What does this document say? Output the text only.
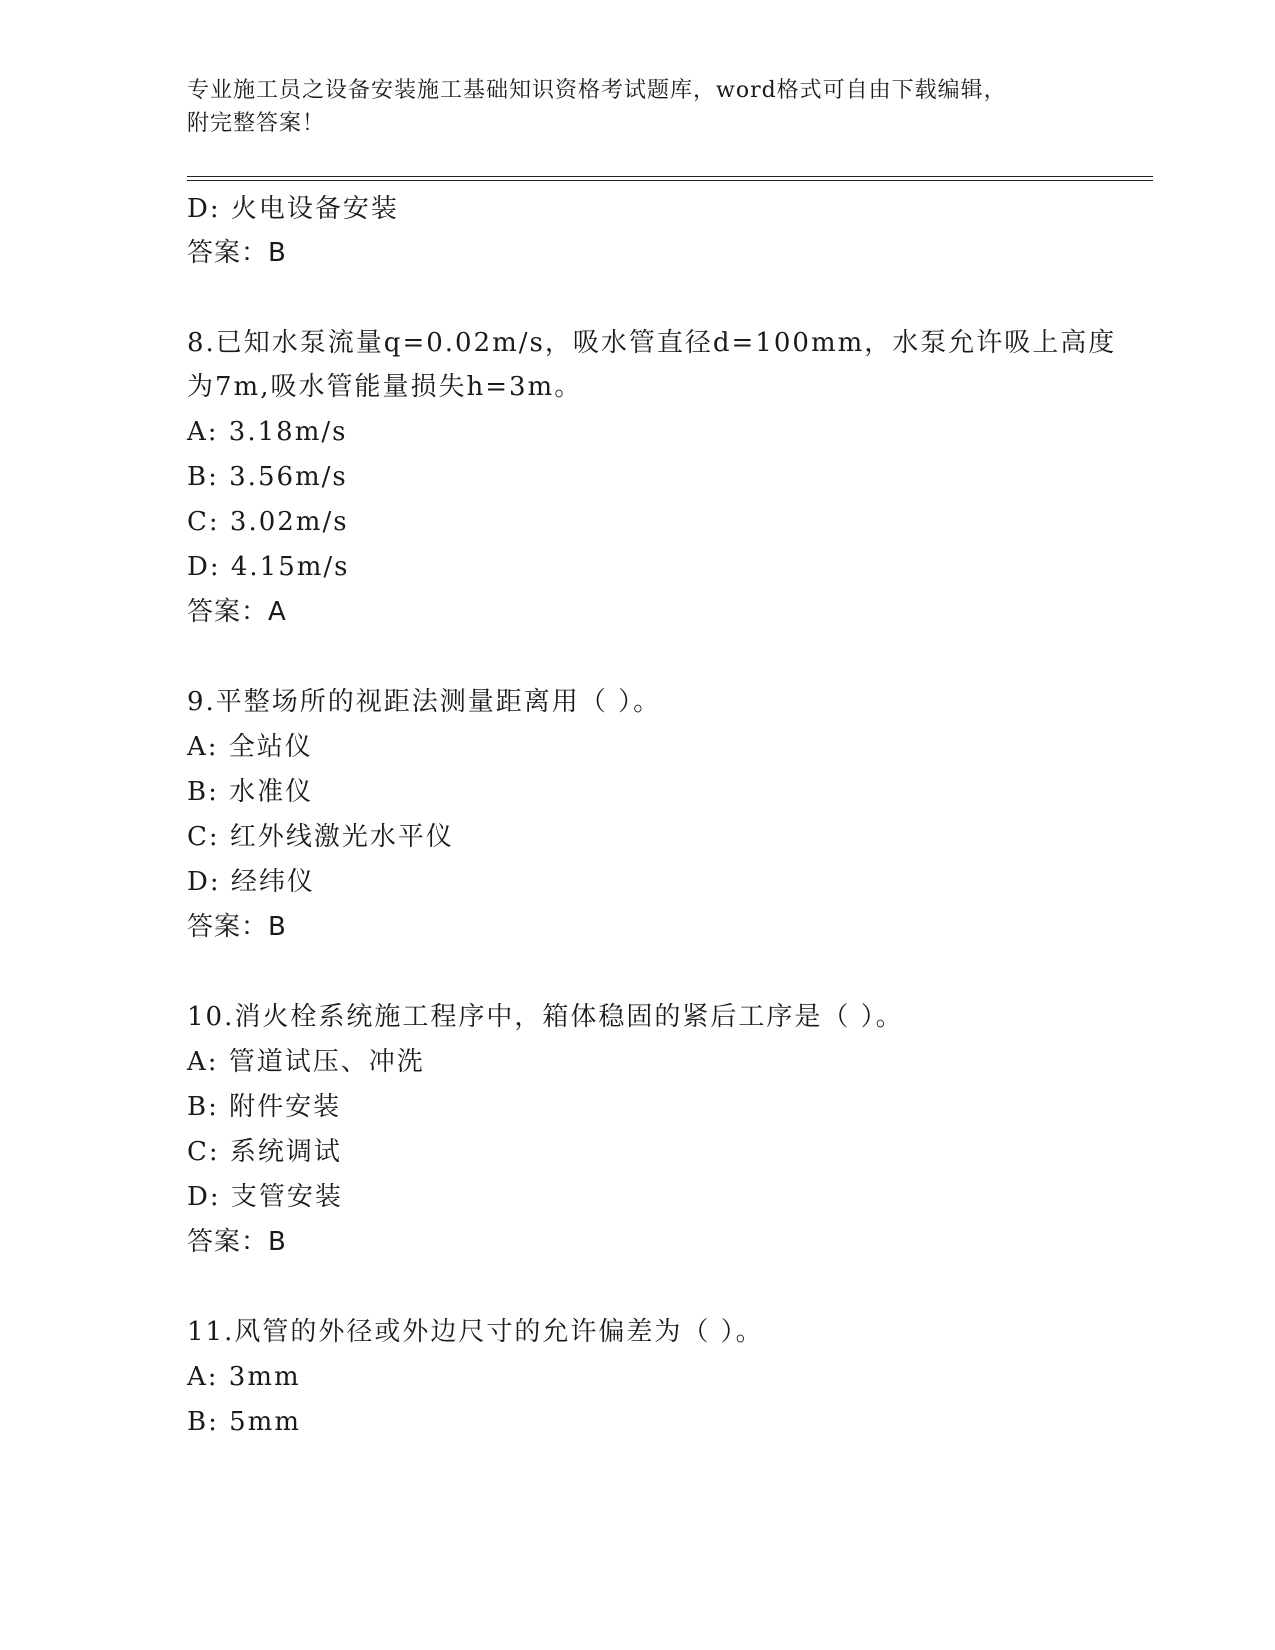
专业施工员之设备安装施工基础知识资格考试题库，word格式可自由下载编辑，
附完整答案！
D: 火电设备安装
答案：B
8.已知水泵流量q=0.02m/s，吸水管直径d=100mm，水泵允许吸上高度
为7m,吸水管能量损失h=3m。
A: 3.18m/s
B: 3.56m/s
C: 3.02m/s
D: 4.15m/s
答案：A
9.平整场所的视距法测量距离用（ ）。
A: 全站仪
B: 水准仪
C: 红外线激光水平仪
D: 经纬仪
答案：B
10.消火栓系统施工程序中，箱体稳固的紧后工序是（ ）。
A: 管道试压、冲洗
B: 附件安装
C: 系统调试
D: 支管安装
答案：B
11.风管的外径或外边尺寸的允许偏差为（ ）。
A: 3mm
B: 5mm
